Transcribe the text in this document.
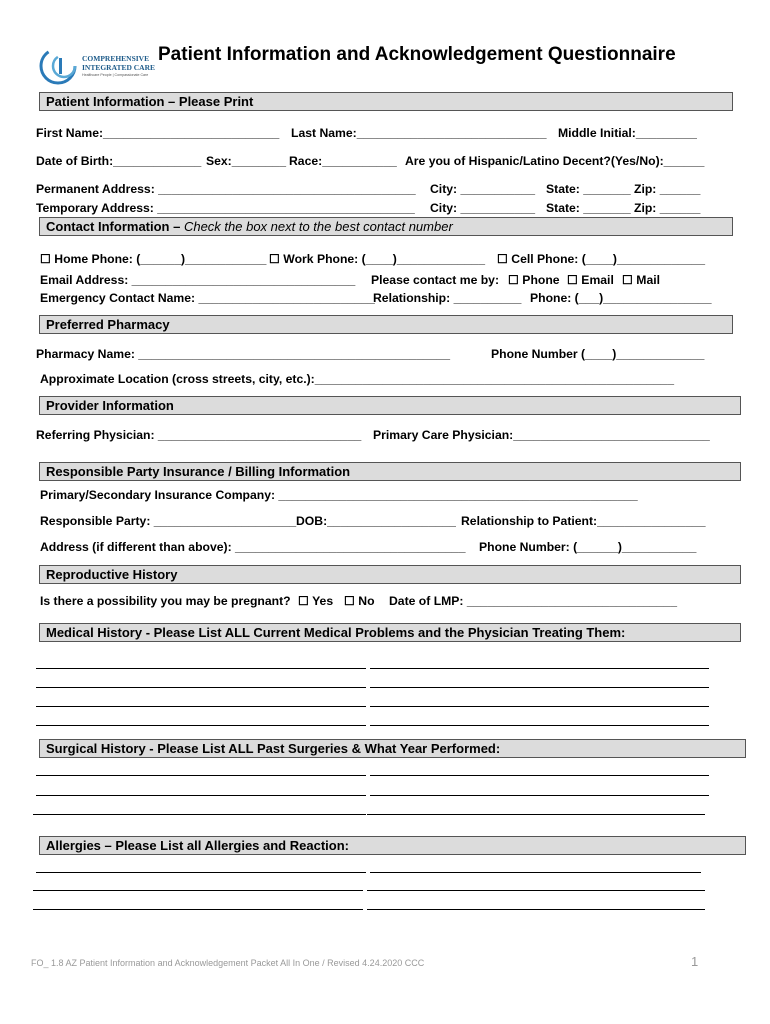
COMPREHENSIVE
INTEGRATED CARE
Healthcare People | Compassionate Care
Patient Information and Acknowledgement Questionnaire
Patient Information – Please Print
First Name:__________________________ Last Name:____________________________ Middle Initial:_________
Date of Birth:_____________ Sex:________ Race:___________ Are you of Hispanic/Latino Decent?(Yes/No):______
Permanent Address: ______________________________________ City: ___________ State: _______ Zip: ______
Temporary Address: ______________________________________ City: ___________ State: _______ Zip: ______
Contact Information – Check the box next to the best contact number
☐ Home Phone: (______)____________ ☐ Work Phone: (____)_____________ ☐ Cell Phone: (____)_____________
Email Address: _________________________________ Please contact me by: ☐ Phone ☐ Email ☐ Mail
Emergency Contact Name: __________________________
Relationship: __________ Phone: (___)________________
Preferred Pharmacy
Pharmacy Name: ______________________________________________	Phone Number (____)_____________
Approximate Location (cross streets, city, etc.):_____________________________________________________
Provider Information
Referring Physician: ______________________________ Primary Care Physician:_____________________________
Responsible Party Insurance / Billing Information
Primary/Secondary Insurance Company: _____________________________________________________
Responsible Party: _____________________ DOB:___________________ Relationship to Patient:________________
Address (if different than above): __________________________________ Phone Number: (______)___________
Reproductive History
Is there a possibility you may be pregnant? ☐ Yes ☐ No Date of LMP: _______________________________
Medical History - Please List ALL Current Medical Problems and the Physician Treating Them:
Surgical History - Please List ALL Past Surgeries & What Year Performed:
Allergies – Please List all Allergies and Reaction:
FO_ 1.8 AZ Patient Information and Acknowledgement Packet All In One / Revised 4.24.2020 CCC	1
